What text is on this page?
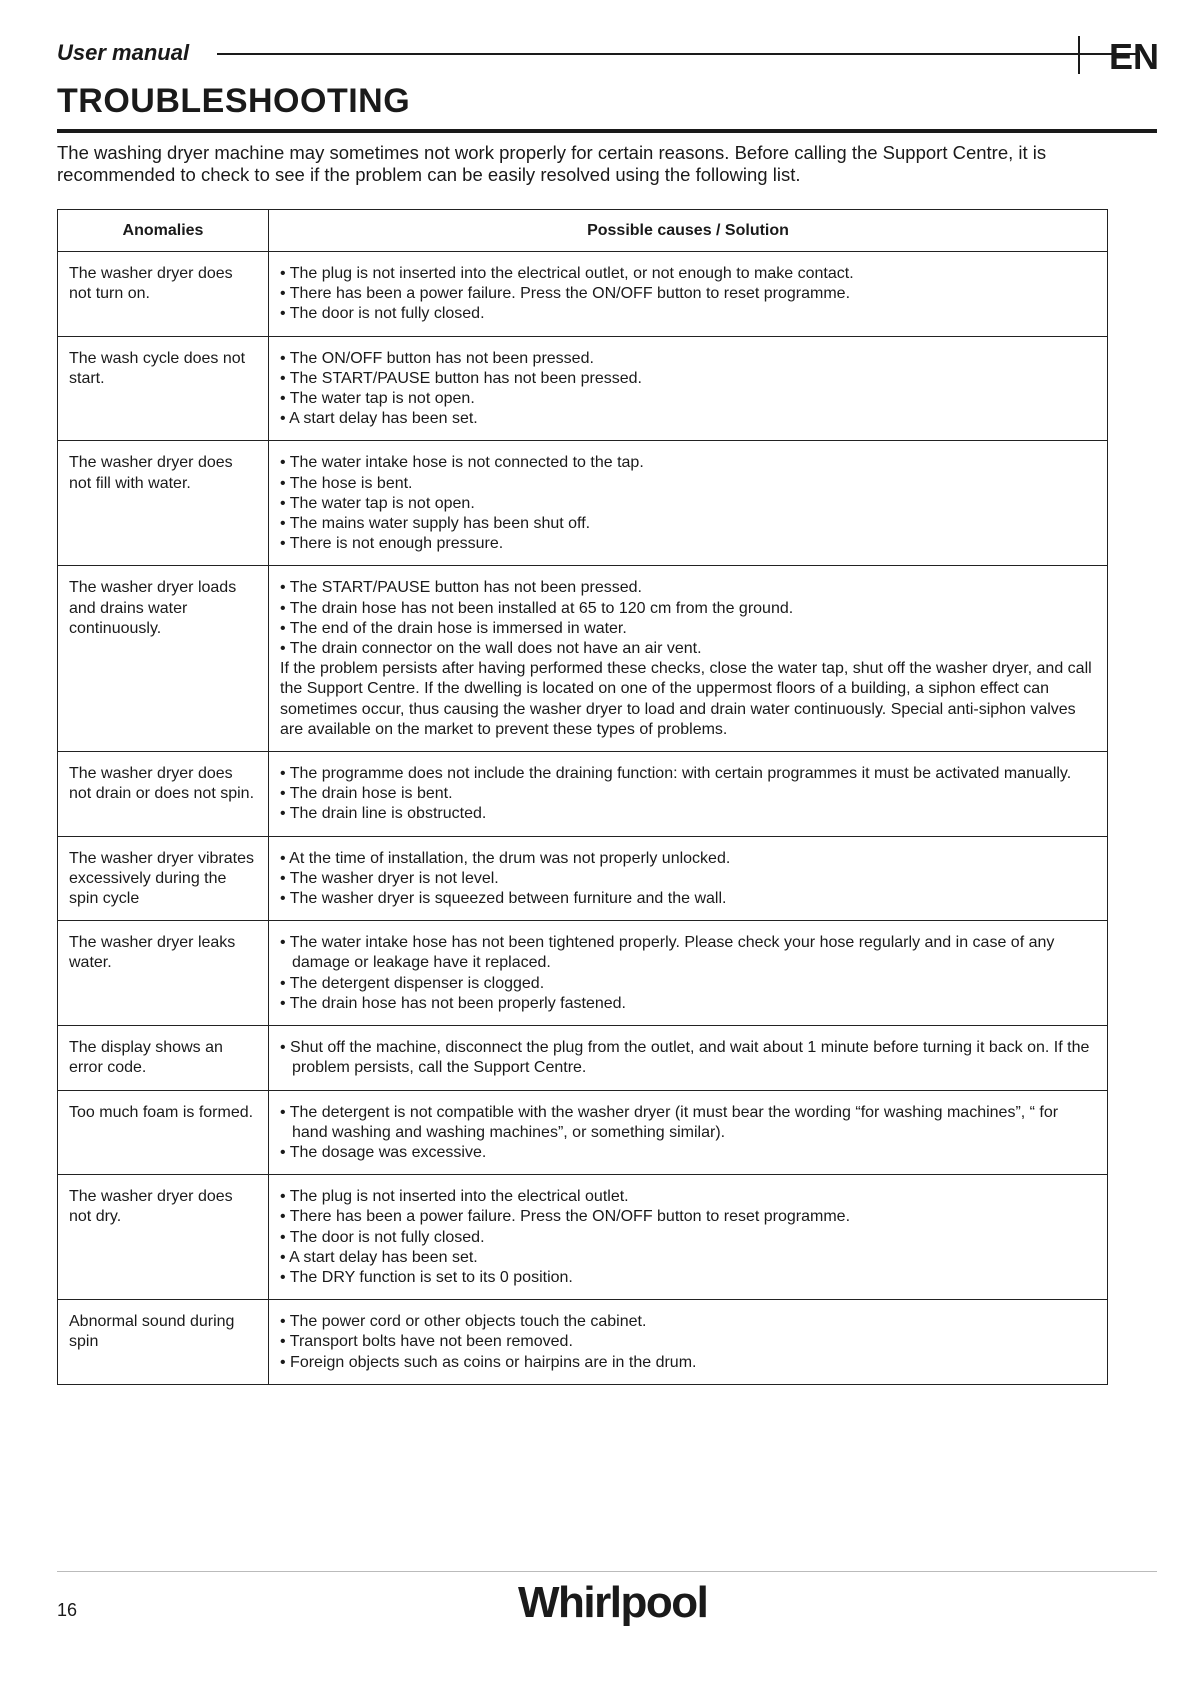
User manual	EN
TROUBLESHOOTING
The washing dryer machine may sometimes not work properly for certain reasons. Before calling the Support Centre, it is recommended to check to see if the problem can be easily resolved using the following list.
Anomalies	Possible causes / Solution
The washer dryer does not turn on.	• The plug is not inserted into the electrical outlet, or not enough to make contact.
• There has been a power failure. Press the ON/OFF button to reset programme.
• The door is not fully closed.

The wash cycle does not start.	• The ON/OFF button has not been pressed.
• The START/PAUSE button has not been pressed.
• The water tap is not open.
• A start delay has been set.

The washer dryer does not fill with water.	• The water intake hose is not connected to the tap.
• The hose is bent.
• The water tap is not open.
• The mains water supply has been shut off.
• There is not enough pressure.

The washer dryer loads and drains water continuously.	• The START/PAUSE button has not been pressed.
• The drain hose has not been installed at 65 to 120 cm from the ground.
• The end of the drain hose is immersed in water.
• The drain connector on the wall does not have an air vent.
If the problem persists after having performed these checks, close the water tap, shut off the washer dryer, and call the Support Centre. If the dwelling is located on one of the uppermost floors of a building, a siphon effect can sometimes occur, thus causing the washer dryer to load and drain water continuously. Special anti-siphon valves are available on the market to prevent these types of problems.

The washer dryer does not drain or does not spin.	• The programme does not include the draining function: with certain programmes it must be activated manually.
• The drain hose is bent.
• The drain line is obstructed.

The washer dryer vibrates excessively during the spin cycle	• At the time of installation, the drum was not properly unlocked.
• The washer dryer is not level.
• The washer dryer is squeezed between furniture and the wall.

The washer dryer leaks water.	• The water intake hose has not been tightened properly. Please check your hose regularly and in case of any damage or leakage have it replaced.
• The detergent dispenser is clogged.
• The drain hose has not been properly fastened.

The display shows an error code.	• Shut off the machine, disconnect the plug from the outlet, and wait about 1 minute before turning it back on. If the problem persists, call the Support Centre.

Too much foam is formed.	• The detergent is not compatible with the washer dryer (it must bear the wording “for washing machines”, “ for hand washing and washing machines”, or something similar).
• The dosage was excessive.

The washer dryer does not dry.	• The plug is not inserted into the electrical outlet.
• There has been a power failure. Press the ON/OFF button to reset programme.
• The door is not fully closed.
• A start delay has been set.
• The DRY function is set to its 0 position.

Abnormal sound during spin	• The power cord or other objects touch the cabinet.
• Transport bolts have not been removed.
• Foreign objects such as coins or hairpins are in the drum.
16	Whirlpool
